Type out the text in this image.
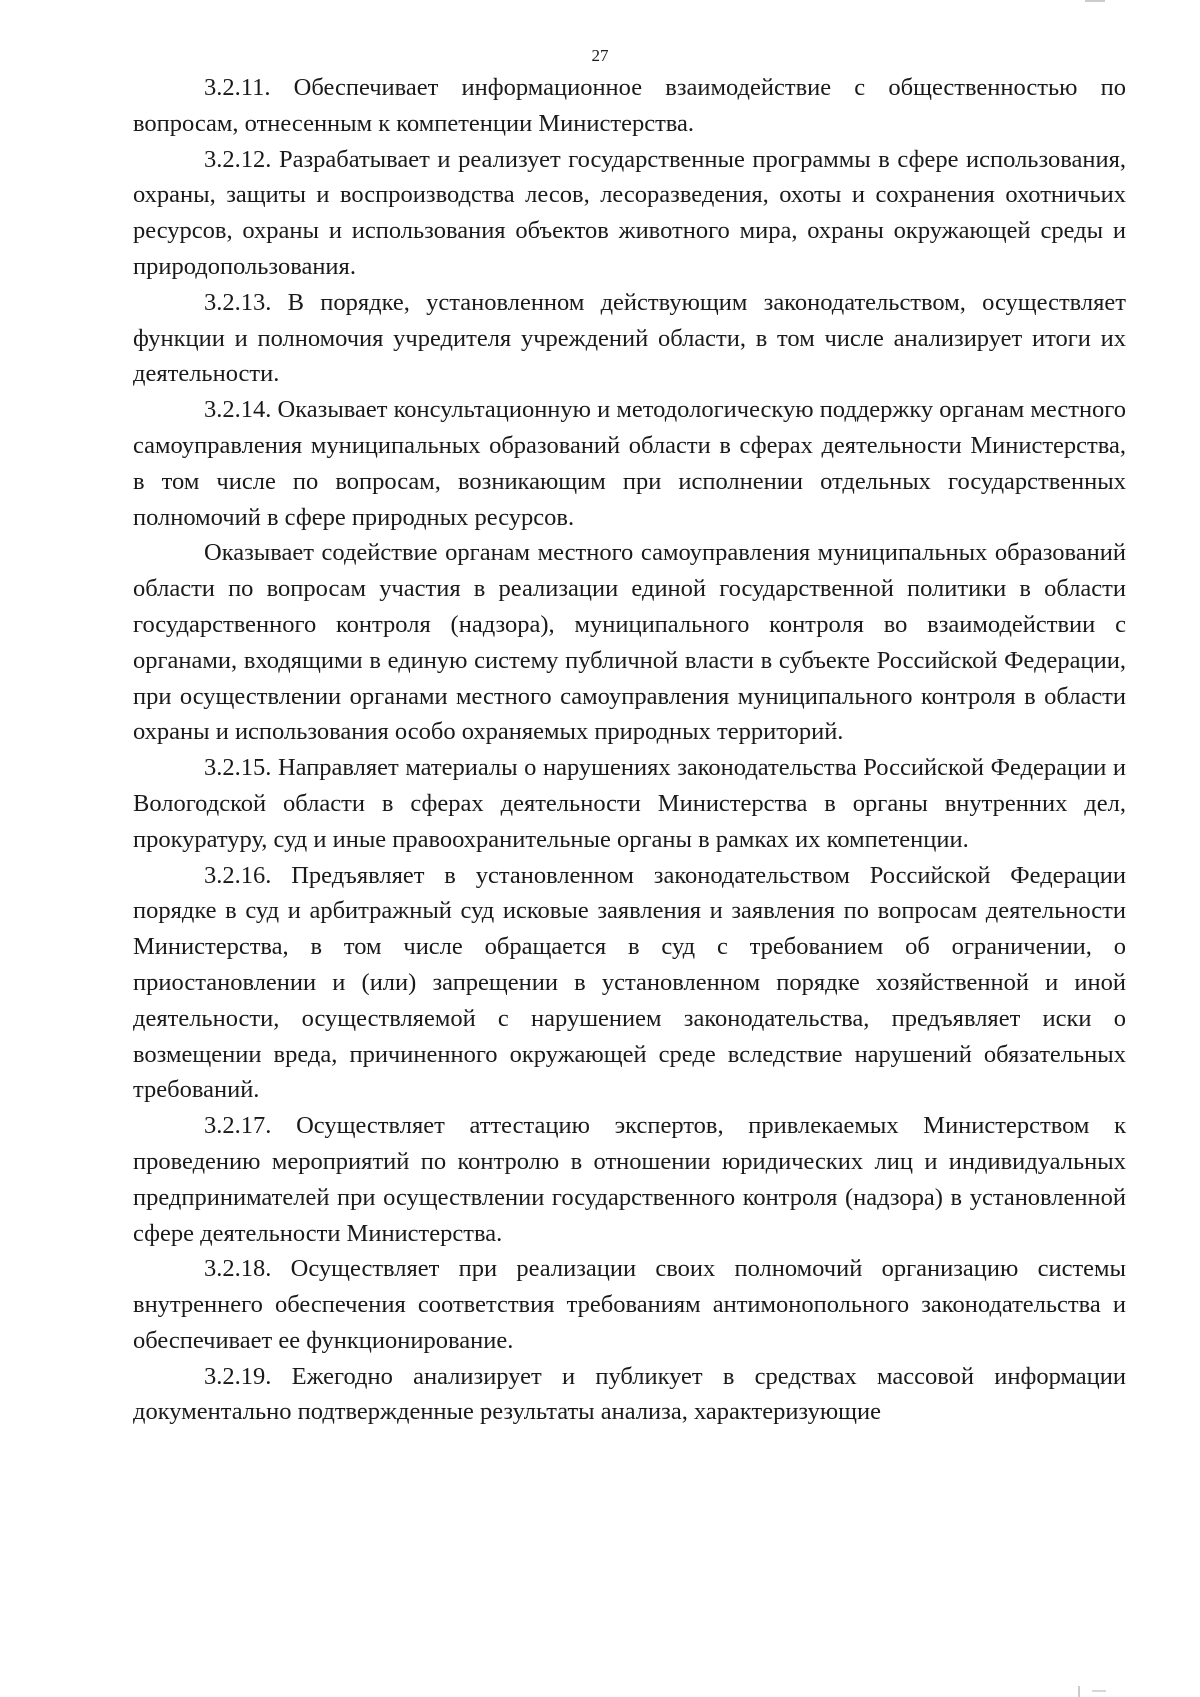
27

3.2.11. Обеспечивает информационное взаимодействие с общественностью по вопросам, отнесенным к компетенции Министерства.

3.2.12. Разрабатывает и реализует государственные программы в сфере использования, охраны, защиты и воспроизводства лесов, лесоразведения, охоты и сохранения охотничьих ресурсов, охраны и использования объектов животного мира, охраны окружающей среды и природопользования.

3.2.13. В порядке, установленном действующим законодательством, осуществляет функции и полномочия учредителя учреждений области, в том числе анализирует итоги их деятельности.

3.2.14. Оказывает консультационную и методологическую поддержку органам местного самоуправления муниципальных образований области в сферах деятельности Министерства, в том числе по вопросам, возникающим при исполнении отдельных государственных полномочий в сфере природных ресурсов.

Оказывает содействие органам местного самоуправления муниципальных образований области по вопросам участия в реализации единой государственной политики в области государственного контроля (надзора), муниципального контроля во взаимодействии с органами, входящими в единую систему публичной власти в субъекте Российской Федерации, при осуществлении органами местного самоуправления муниципального контроля в области охраны и использования особо охраняемых природных территорий.

3.2.15. Направляет материалы о нарушениях законодательства Российской Федерации и Вологодской области в сферах деятельности Министерства в органы внутренних дел, прокуратуру, суд и иные правоохранительные органы в рамках их компетенции.

3.2.16. Предъявляет в установленном законодательством Российской Федерации порядке в суд и арбитражный суд исковые заявления и заявления по вопросам деятельности Министерства, в том числе обращается в суд с требованием об ограничении, о приостановлении и (или) запрещении в установленном порядке хозяйственной и иной деятельности, осуществляемой с нарушением законодательства, предъявляет иски о возмещении вреда, причиненного окружающей среде вследствие нарушений обязательных требований.

3.2.17. Осуществляет аттестацию экспертов, привлекаемых Министерством к проведению мероприятий по контролю в отношении юридических лиц и индивидуальных предпринимателей при осуществлении государственного контроля (надзора) в установленной сфере деятельности Министерства.

3.2.18. Осуществляет при реализации своих полномочий организацию системы внутреннего обеспечения соответствия требованиям антимонопольного законодательства и обеспечивает ее функционирование.

3.2.19. Ежегодно анализирует и публикует в средствах массовой информации документально подтвержденные результаты анализа, характеризующие
